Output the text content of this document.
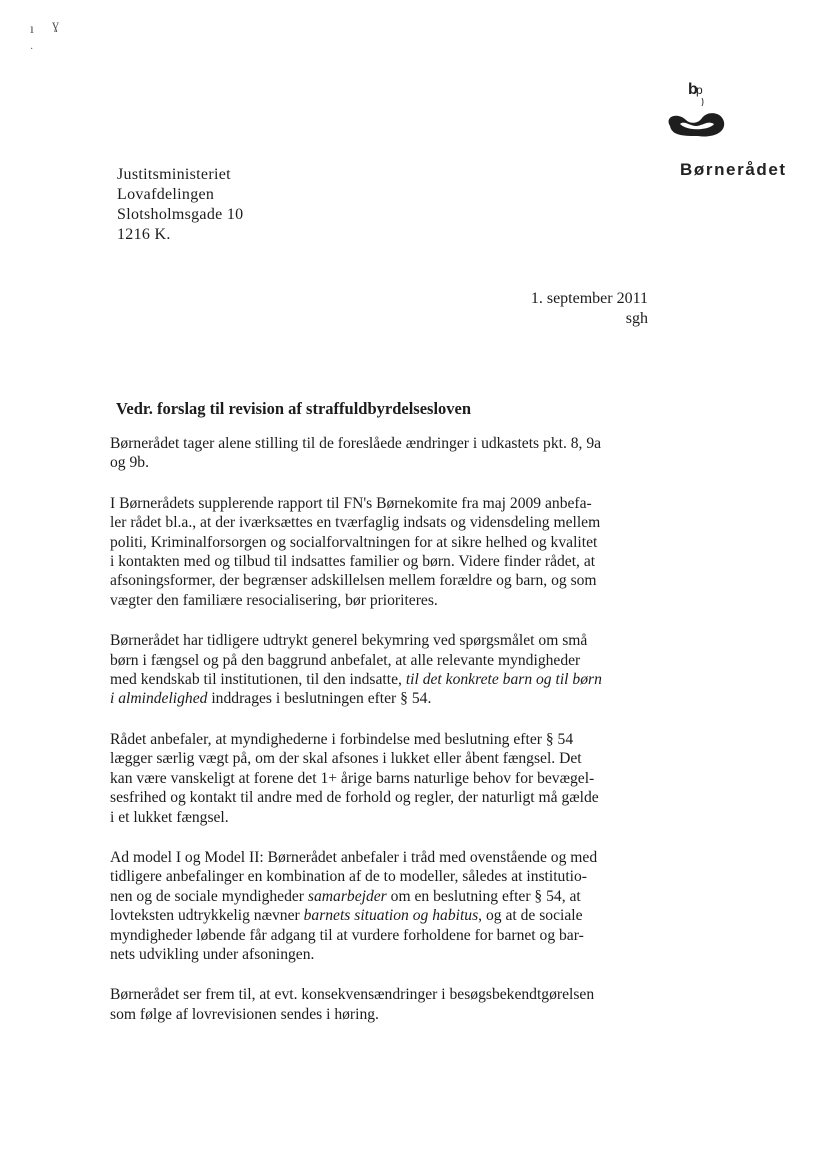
ı ɣ
·
b
p
Børnerådet
Justitsministeriet
Lovafdelingen
Slotsholmsgade 10
1216 K.
1. september 2011
sgh
Vedr. forslag til revision af straffuldbyrdelsesloven

Børnerådet tager alene stilling til de foreslåede ændringer i udkastets pkt. 8, 9a
og 9b.

I Børnerådets supplerende rapport til FN's Børnekomite fra maj 2009 anbefa-
ler rådet bl.a., at der iværksættes en tværfaglig indsats og vidensdeling mellem
politi, Kriminalforsorgen og socialforvaltningen for at sikre helhed og kvalitet
i kontakten med og tilbud til indsattes familier og børn. Videre finder rådet, at
afsoningsformer, der begrænser adskillelsen mellem forældre og barn, og som
vægter den familiære resocialisering, bør prioriteres.

Børnerådet har tidligere udtrykt generel bekymring ved spørgsmålet om små
børn i fængsel og på den baggrund anbefalet, at alle relevante myndigheder
med kendskab til institutionen, til den indsatte, til det konkrete barn og til børn
i almindelighed inddrages i beslutningen efter § 54.

Rådet anbefaler, at myndighederne i forbindelse med beslutning efter § 54
lægger særlig vægt på, om der skal afsones i lukket eller åbent fængsel. Det
kan være vanskeligt at forene det 1+ årige barns naturlige behov for bevægel-
sesfrihed og kontakt til andre med de forhold og regler, der naturligt må gælde
i et lukket fængsel.

Ad model I og Model II: Børnerådet anbefaler i tråd med ovenstående og med
tidligere anbefalinger en kombination af de to modeller, således at institutio-
nen og de sociale myndigheder samarbejder om en beslutning efter § 54, at
lovteksten udtrykkelig nævner barnets situation og habitus, og at de sociale
myndigheder løbende får adgang til at vurdere forholdene for barnet og bar-
nets udvikling under afsoningen.

Børnerådet ser frem til, at evt. konsekvensændringer i besøgsbekendtgørelsen
som følge af lovrevisionen sendes i høring.
